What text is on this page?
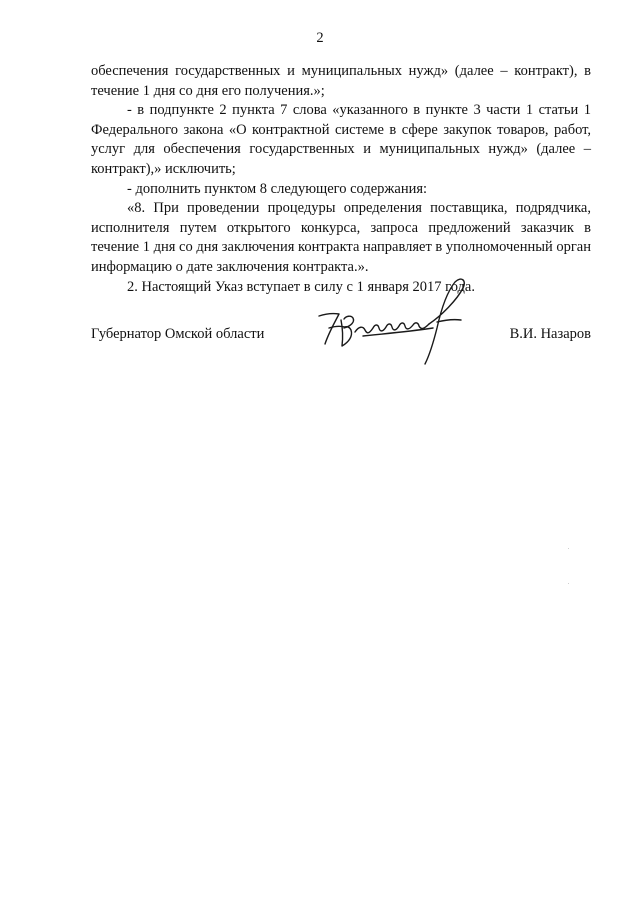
2

обеспечения государственных и муниципальных нужд» (далее – контракт), в течение 1 дня со дня его получения.»;

- в подпункте 2 пункта 7 слова «указанного в пункте 3 части 1 статьи 1 Федерального закона «О контрактной системе в сфере закупок товаров, работ, услуг для обеспечения государственных и муниципальных нужд» (далее – контракт),» исключить;

- дополнить пунктом 8 следующего содержания:

«8. При проведении процедуры определения поставщика, подрядчика, исполнителя путем открытого конкурса, запроса предложений заказчик в течение 1 дня со дня заключения контракта направляет в уполномоченный орган информацию о дате заключения контракта.».

2. Настоящий Указ вступает в силу с 1 января 2017 года.

Губернатор Омской области	В.И. Назаров
